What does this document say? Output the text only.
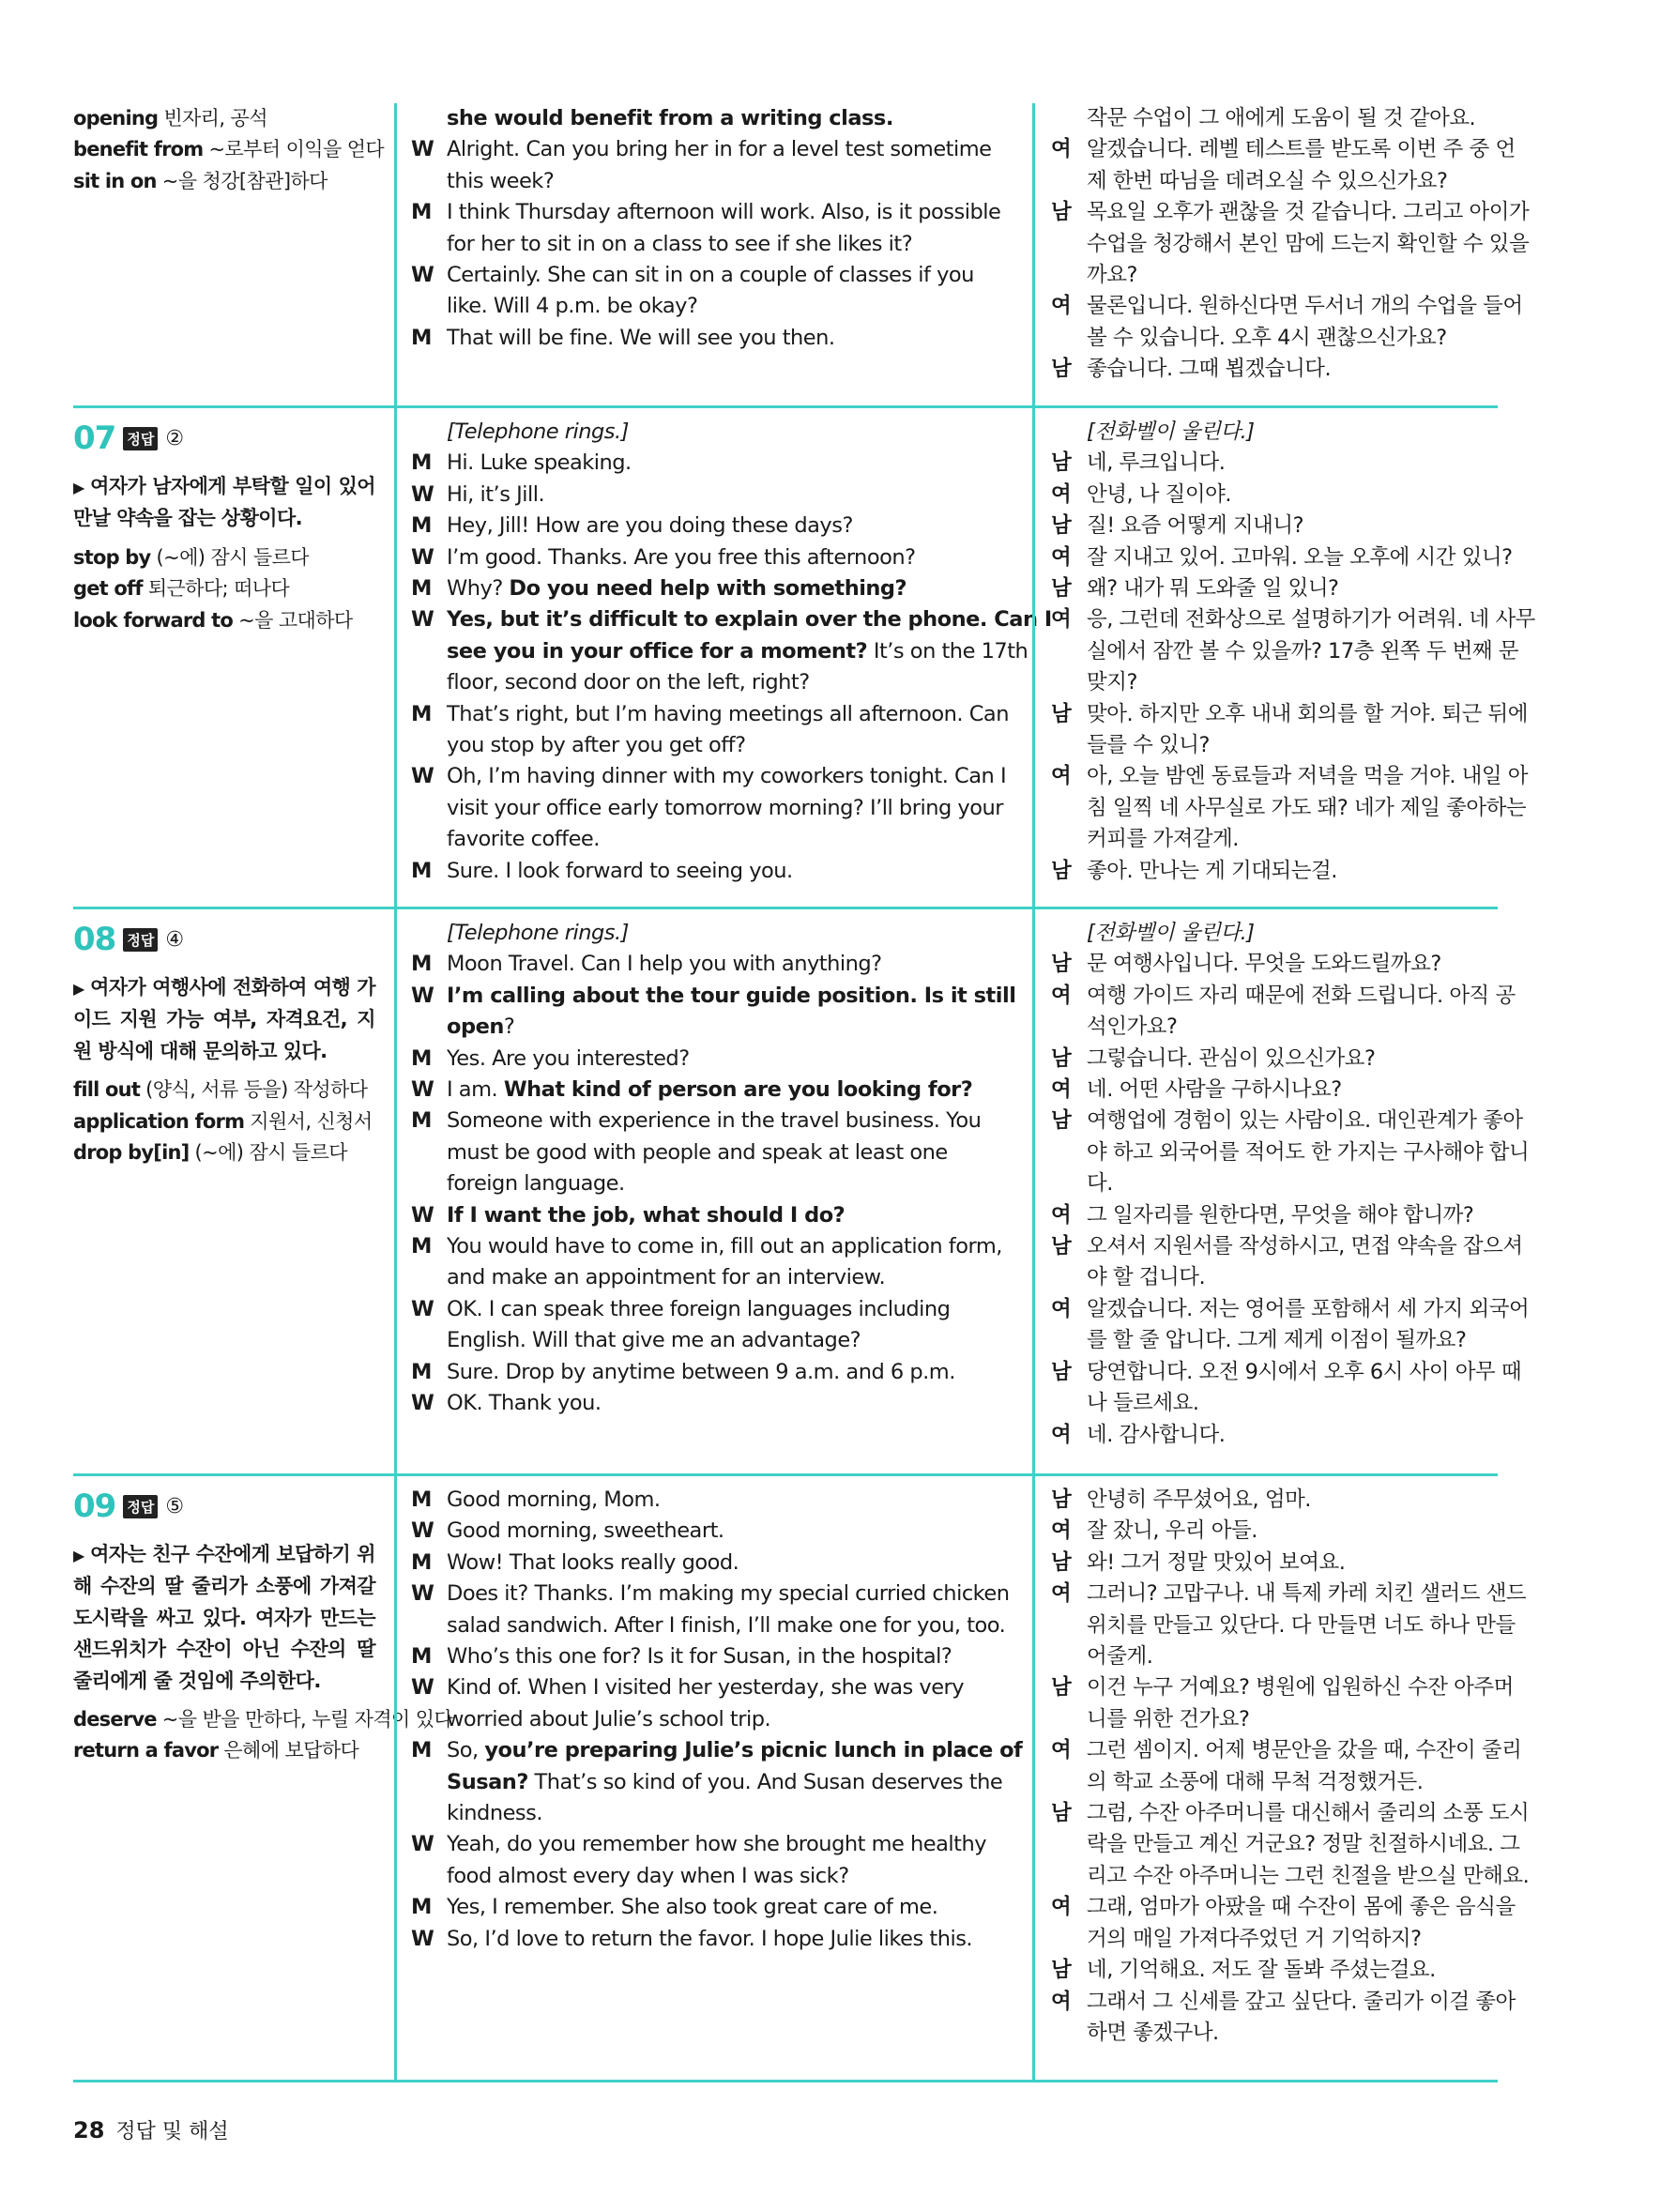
opening 빈자리, 공석
benefit from ~로부터 이익을 얻다
sit in on ~을 청강[참관]하다
she would benefit from a writing class.
W Alright. Can you bring her in for a level test sometime
this week?
M I think Thursday afternoon will work. Also, is it possible
for her to sit in on a class to see if she likes it?
W Certainly. She can sit in on a couple of classes if you
like. Will 4 p.m. be okay?
M That will be fine. We will see you then.
작문 수업이 그 애에게 도움이 될 것 같아요.
여 알겠습니다. 레벨 테스트를 받도록 이번 주 중 언
제 한번 따님을 데려오실 수 있으신가요?
남 목요일 오후가 괜찮을 것 같습니다. 그리고 아이가
수업을 청강해서 본인 맘에 드는지 확인할 수 있을
까요?
여 물론입니다. 원하신다면 두서너 개의 수업을 들어
볼 수 있습니다. 오후 4시 괜찮으신가요?
남 좋습니다. 그때 뵙겠습니다.
07 정답 ②
▶ 여자가 남자에게 부탁할 일이 있어 만날 약속을 잡는 상황이다.
stop by (~에) 잠시 들르다
get off 퇴근하다; 떠나다
look forward to ~을 고대하다
[Telephone rings.]
M Hi. Luke speaking.
W Hi, it’s Jill.
M Hey, Jill! How are you doing these days?
W I’m good. Thanks. Are you free this afternoon?
M Why? Do you need help with something?
W Yes, but it’s difficult to explain over the phone. Can I
see you in your office for a moment? It’s on the 17th
floor, second door on the left, right?
M That’s right, but I’m having meetings all afternoon. Can
you stop by after you get off?
W Oh, I’m having dinner with my coworkers tonight. Can I
visit your office early tomorrow morning? I’ll bring your
favorite coffee.
M Sure. I look forward to seeing you.
[전화벨이 울린다.]
남 네, 루크입니다.
여 안녕, 나 질이야.
남 질! 요즘 어떻게 지내니?
여 잘 지내고 있어. 고마워. 오늘 오후에 시간 있니?
남 왜? 내가 뭐 도와줄 일 있니?
여 응, 그런데 전화상으로 설명하기가 어려워. 네 사무
실에서 잠깐 볼 수 있을까? 17층 왼쪽 두 번째 문
맞지?
남 맞아. 하지만 오후 내내 회의를 할 거야. 퇴근 뒤에
들를 수 있니?
여 아, 오늘 밤엔 동료들과 저녁을 먹을 거야. 내일 아
침 일찍 네 사무실로 가도 돼? 네가 제일 좋아하는
커피를 가져갈게.
남 좋아. 만나는 게 기대되는걸.
08 정답 ④
▶ 여자가 여행사에 전화하여 여행 가이드 지원 가능 여부, 자격요건, 지원 방식에 대해 문의하고 있다.
fill out (양식, 서류 등을) 작성하다
application form 지원서, 신청서
drop by[in] (~에) 잠시 들르다
[Telephone rings.]
M Moon Travel. Can I help you with anything?
W I’m calling about the tour guide position. Is it still
open?
M Yes. Are you interested?
W I am. What kind of person are you looking for?
M Someone with experience in the travel business. You
must be good with people and speak at least one
foreign language.
W If I want the job, what should I do?
M You would have to come in, fill out an application form,
and make an appointment for an interview.
W OK. I can speak three foreign languages including
English. Will that give me an advantage?
M Sure. Drop by anytime between 9 a.m. and 6 p.m.
W OK. Thank you.
[전화벨이 울린다.]
남 문 여행사입니다. 무엇을 도와드릴까요?
여 여행 가이드 자리 때문에 전화 드립니다. 아직 공
석인가요?
남 그렇습니다. 관심이 있으신가요?
여 네. 어떤 사람을 구하시나요?
남 여행업에 경험이 있는 사람이요. 대인관계가 좋아
야 하고 외국어를 적어도 한 가지는 구사해야 합니
다.
여 그 일자리를 원한다면, 무엇을 해야 합니까?
남 오셔서 지원서를 작성하시고, 면접 약속을 잡으셔
야 할 겁니다.
여 알겠습니다. 저는 영어를 포함해서 세 가지 외국어
를 할 줄 압니다. 그게 제게 이점이 될까요?
남 당연합니다. 오전 9시에서 오후 6시 사이 아무 때
나 들르세요.
여 네. 감사합니다.
09 정답 ⑤
▶ 여자는 친구 수잔에게 보답하기 위해 수잔의 딸 줄리가 소풍에 가져갈 도시락을 싸고 있다. 여자가 만드는 샌드위치가 수잔이 아닌 수잔의 딸 줄리에게 줄 것임에 주의한다.
deserve ~을 받을 만하다, 누릴 자격이 있다
return a favor 은혜에 보답하다
M Good morning, Mom.
W Good morning, sweetheart.
M Wow! That looks really good.
W Does it? Thanks. I’m making my special curried chicken
salad sandwich. After I finish, I’ll make one for you, too.
M Who’s this one for? Is it for Susan, in the hospital?
W Kind of. When I visited her yesterday, she was very
worried about Julie’s school trip.
M So, you’re preparing Julie’s picnic lunch in place of
Susan? That’s so kind of you. And Susan deserves the
kindness.
W Yeah, do you remember how she brought me healthy
food almost every day when I was sick?
M Yes, I remember. She also took great care of me.
W So, I’d love to return the favor. I hope Julie likes this.
남 안녕히 주무셨어요, 엄마.
여 잘 잤니, 우리 아들.
남 와! 그거 정말 맛있어 보여요.
여 그러니? 고맙구나. 내 특제 카레 치킨 샐러드 샌드
위치를 만들고 있단다. 다 만들면 너도 하나 만들
어줄게.
남 이건 누구 거예요? 병원에 입원하신 수잔 아주머
니를 위한 건가요?
여 그런 셈이지. 어제 병문안을 갔을 때, 수잔이 줄리
의 학교 소풍에 대해 무척 걱정했거든.
남 그럼, 수잔 아주머니를 대신해서 줄리의 소풍 도시
락을 만들고 계신 거군요? 정말 친절하시네요. 그
리고 수잔 아주머니는 그런 친절을 받으실 만해요.
여 그래, 엄마가 아팠을 때 수잔이 몸에 좋은 음식을
거의 매일 가져다주었던 거 기억하지?
남 네, 기억해요. 저도 잘 돌봐 주셨는걸요.
여 그래서 그 신세를 갚고 싶단다. 줄리가 이걸 좋아
하면 좋겠구나.
28 정답 및 해설
